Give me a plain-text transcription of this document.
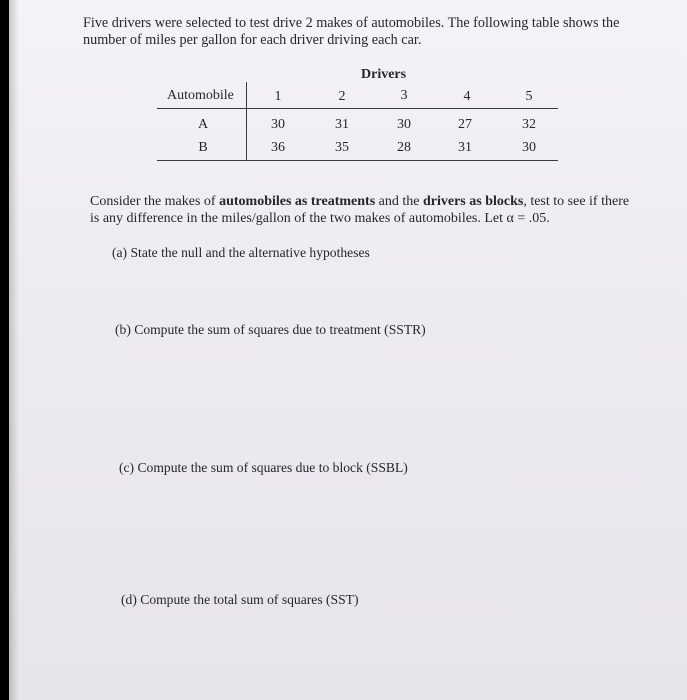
Five drivers were selected to test drive 2 makes of automobiles. The following table shows the
number of miles per gallon for each driver driving each car.
Drivers
Automobile	1	2	3	4	5
A	30	31	30	27	32
B	36	35	28	31	30
Consider the makes of automobiles as treatments and the drivers as blocks, test to see if there
is any difference in the miles/gallon of the two makes of automobiles. Let α = .05.
(a) State the null and the alternative hypotheses
(b) Compute the sum of squares due to treatment (SSTR)
(c) Compute the sum of squares due to block (SSBL)
(d) Compute the total sum of squares (SST)
